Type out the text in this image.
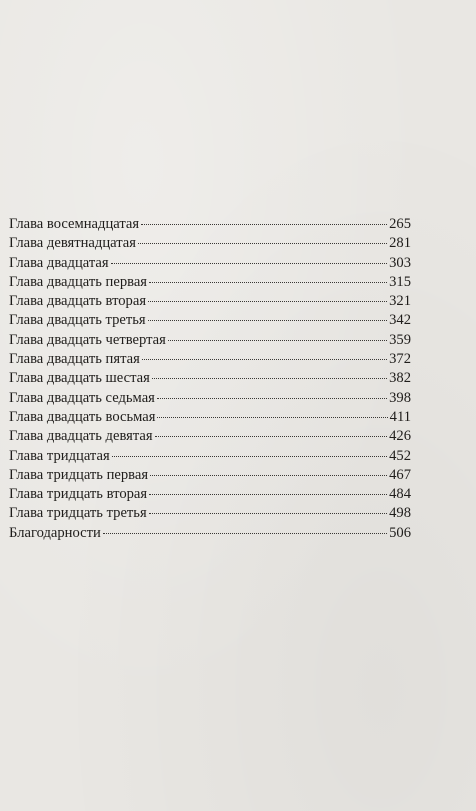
Глава восемнадцатая	265
Глава девятнадцатая	281
Глава двадцатая	303
Глава двадцать первая	315
Глава двадцать вторая	321
Глава двадцать третья	342
Глава двадцать четвертая	359
Глава двадцать пятая	372
Глава двадцать шестая	382
Глава двадцать седьмая	398
Глава двадцать восьмая	411
Глава двадцать девятая	426
Глава тридцатая	452
Глава тридцать первая	467
Глава тридцать вторая	484
Глава тридцать третья	498
Благодарности	506
